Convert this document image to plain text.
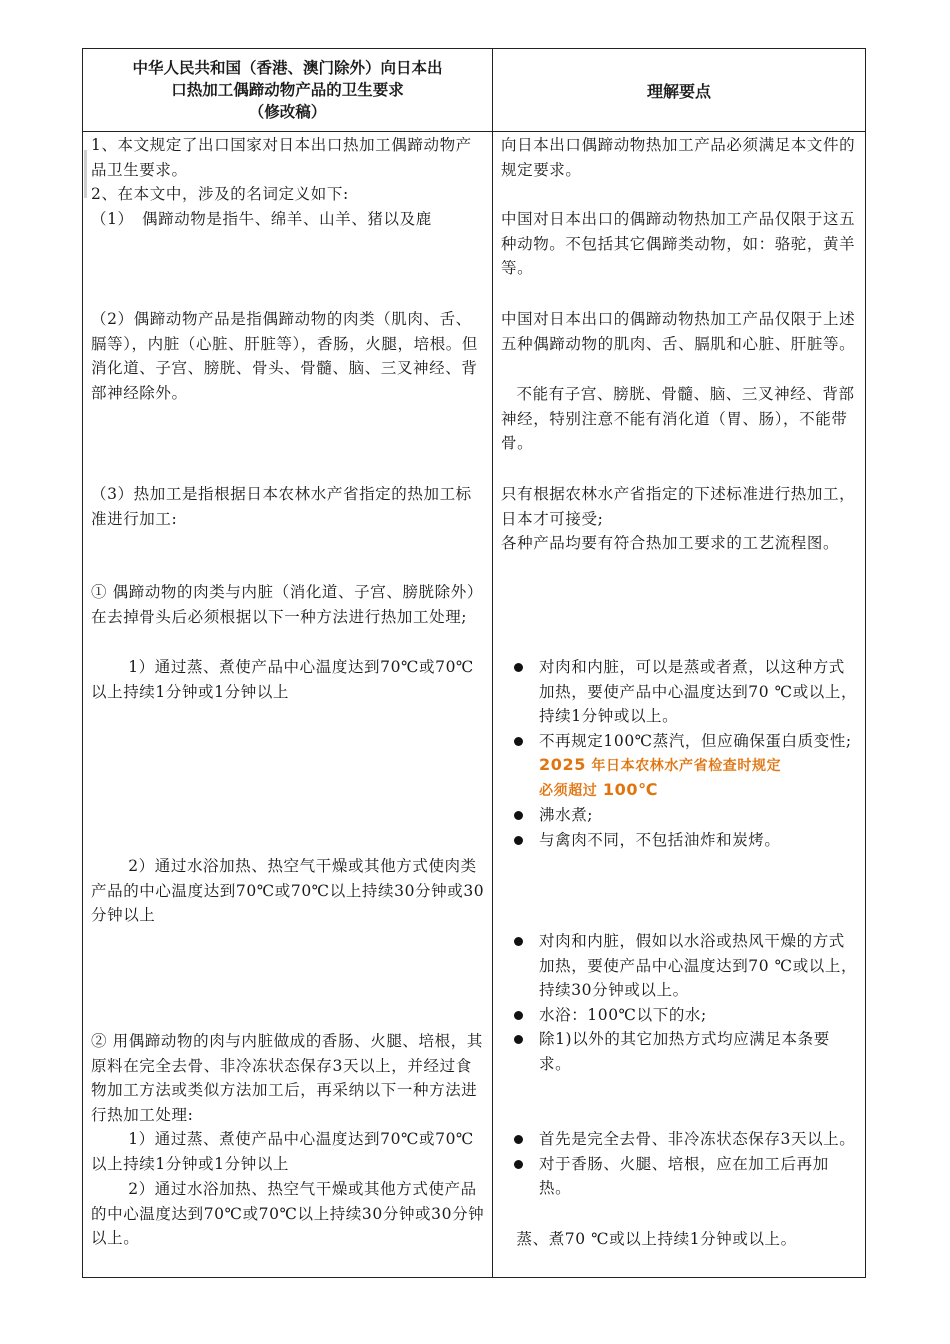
中华人民共和国（香港、澳门除外）向日本出
口热加工偶蹄动物产品的卫生要求
（修改稿）
理解要点

1、本文规定了出口国家对日本出口热加工偶蹄动物产品卫生要求。

2、在本文中，涉及的名词定义如下:

（1）　偶蹄动物是指牛、绵羊、山羊、猪以及鹿

（2）偶蹄动物产品是指偶蹄动物的肉类（肌肉、舌、膈等），内脏（心脏、肝脏等），香肠，火腿，培根。但消化道、子宫、膀胱、骨头、骨髓、脑、三叉神经、背部神经除外。

（3）热加工是指根据日本农林水产省指定的热加工标准进行加工:

① 偶蹄动物的肉类与内脏（消化道、子宫、膀胱除外）在去掉骨头后必须根据以下一种方法进行热加工处理;

1）通过蒸、煮使产品中心温度达到70℃或70℃以上持续1分钟或1分钟以上

2）通过水浴加热、热空气干燥或其他方式使肉类产品的中心温度达到70℃或70℃以上持续30分钟或30分钟以上

② 用偶蹄动物的肉与内脏做成的香肠、火腿、培根，其原料在完全去骨、非冷冻状态保存3天以上，并经过食物加工方法或类似方法加工后，再采纳以下一种方法进行热加工处理:

1）通过蒸、煮使产品中心温度达到70℃或70℃以上持续1分钟或1分钟以上

2）通过水浴加热、热空气干燥或其他方式使产品的中心温度达到70℃或70℃以上持续30分钟或30分钟以上。

向日本出口偶蹄动物热加工产品必须满足本文件的规定要求。

中国对日本出口的偶蹄动物热加工产品仅限于这五种动物。不包括其它偶蹄类动物，如：骆驼，黄羊等。

中国对日本出口的偶蹄动物热加工产品仅限于上述五种偶蹄动物的肌肉、舌、膈肌和心脏、肝脏等。

不能有子宫、膀胱、骨髓、脑、三叉神经、背部神经，特别注意不能有消化道（胃、肠），不能带骨。

只有根据农林水产省指定的下述标准进行热加工，日本才可接受;

各种产品均要有符合热加工要求的工艺流程图。

对肉和内脏，可以是蒸或者煮，以这种方式加热，要使产品中心温度达到70 ℃或以上，持续1分钟或以上。
不再规定100℃蒸汽，但应确保蛋白质变性;
2025 年日本农林水产省检查时规定
必须超过 100℃
沸水煮;
与禽肉不同，不包括油炸和炭烤。
对肉和内脏，假如以水浴或热风干燥的方式加热，要使产品中心温度达到70 ℃或以上，持续30分钟或以上。
水浴：100℃以下的水;
除1)以外的其它加热方式均应满足本条要求。
首先是完全去骨、非冷冻状态保存3天以上。
对于香肠、火腿、培根，应在加工后再加热。

蒸、煮70 ℃或以上持续1分钟或以上。
